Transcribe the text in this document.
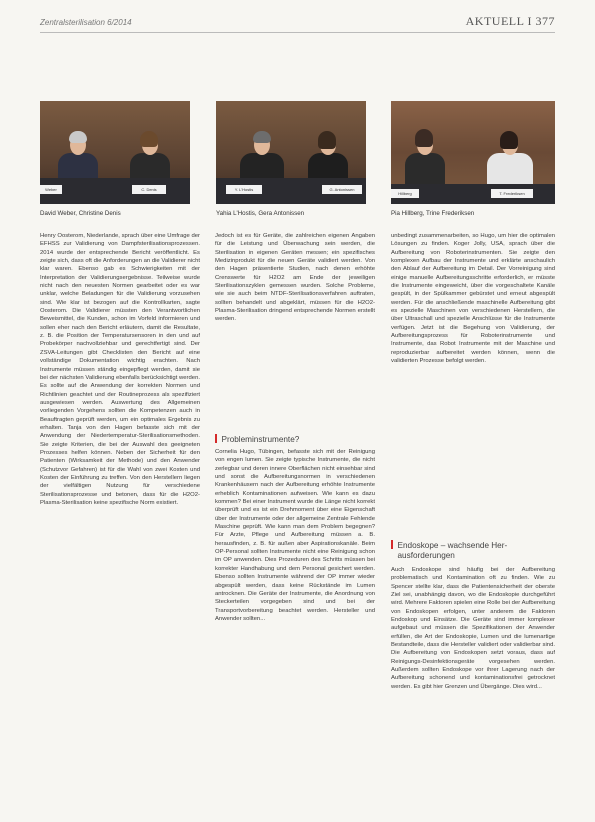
Zentralsterilisation 6/2014	AKTUELL I 377
Weber	C. Denis	Y. L'Hostis	G. Antonissen
Hillberg	T. Frederiksen
David Weber, Christine Denis	Yahia L'Hostis, Gera Antonissen	Pia Hillberg, Trine Frederiksen

Henry Oosterom, Niederlande, sprach über eine Umfrage der EFHSS zur Validierung von Dampfsterilisationsprozessen. 2014 wurde der entsprechende Bericht veröffentlicht. Es zeigte sich, dass oft die Anforderungen an die Validierer nicht klar waren. Ebenso gab es Schwierigkeiten mit der Interpretation der Validierungsergebnisse. Teilweise wurde nicht nach den neuesten Normen gearbeitet oder es war unklar, welche Beladungen für die Validierung vorzusehen sind. Wie klar ist bezogen auf die Kontrollkarten, sagte Oosterom. Die Validierer müssten den Verantwortlichen Beweismittel, die Kunden, schon im Vorfeld informieren und sollen eher nach den Bericht erläutern, damit die Resultate, z. B. die Position der Temperatursensoren in den und auf Probekörper nachvollziehbar und gerechtfertigt sind. Der ZSVA-Leitungen gibt Checklisten den Bericht auf eine vollständige Dokumentation wichtig erachten. Nach Instrumente müssen ständig eingepflegt werden, damit sie bei der nächsten Validierung ebenfalls berücksichtigt werden. Es sollte auf die Anwendung der korrekten Normen und Richtlinien geachtet und der Routineprozess als spezifiziert ausgewiesen werden. Auswertung des Allgemeinen vorliegenden Vorgehens sollten die Kompetenzen auch in Beauftragten geprüft werden, um ein optimales Ergebnis zu erhalten. Tanja von den Hagen befasste sich mit der Anwendung der Niedertemperatur-Sterilisationsmethoden. Sie zeigte Kriterien, die bei der Auswahl des geeigneten Prozesses helfen können. Neben der Sicherheit für den Patienten (Wirksamkeit der Methode) und den Anwender (Schutzvor Gefahren) ist für die Wahl von zwei Kosten und Kosten der Einführung zu treffen. Von den Herstellern liegen der vielfältigen Nutzung für verschiedene Sterilisationsprozesse und betonen, dass für die H2O2-Plasma-Sterilisation keine spezifische Norm existiert.

Jedoch ist es für Geräte, die zahlreichen eigenen Angaben für die Leistung und Überwachung sein werden, die Sterilisation in eigenen Geräten messen; ein spezifisches Medizinprodukt für die neuen Geräte validiert werden. Von den Hagen präsentierte Studien, nach denen erhöhte Crenswerte für H2O2 am Ende der jeweiligen Sterilisationszyklen gemessen wurden. Solche Probleme, wie sie auch beim NTDF-Sterilisationsverfahren auftraten, sollten behandelt und abgeklärt, müssen für die H2O2-Plasma-Sterilisation dringend entsprechende Normen erstellt werden.

Probleminstrumente?

Cornelia Hugo, Tübingen, befasste sich mit der Reinigung von engen lumen. Sie zeigte typische Instrumente, die nicht zerlegbar und deren innere Oberflächen nicht einsehbar sind und sonst die Aufbereitungsnormen in verschiedenen Krankenhäusern nach der Aufbereitung erhöhte Instrumente erheblich Kontaminationen aufweisen. Wie kann es dazu kommen? Bei einer Instrument wurde die Länge nicht korrekt überprüft und es ist ein Drehmoment über eine Eigenschaft über der Instrumente oder der allgemeine Zentrale Fehlende Maschine geprüft. Wie kann man dem Problem begegnen? Für Arzte, Pflege und Aufbereitung müssen a. B. herausfinden, z. B. für außen aber Aspirationskanäle. Beim OP-Personal sollten Instrumente nicht eine Reinigung schon im OP anwenden. Dies Prozeduren des Schritts müssen bei korrekter Handhabung und dem Personal gesichert werden. Ebenso sollten Instrumente während der OP immer wieder abgespült werden, dass keine Rückstände im Lumen antrocknen. Die Geräte der Instrumente, die Anordnung von Steckerteilen vorgegeben sind und bei der Transportvorbereitung beachtet werden. Hersteller und Anwender sollten...

unbedingt zusammenarbeiten, so Hugo, um hier die optimalen Lösungen zu finden. Koger Jolly, USA, sprach über die Aufbereitung von Roboterinstrumenten. Sie zeigte den komplexen Aufbau der Instrumente und erklärte anschaulich den Ablauf der Aufbereitung im Detail. Der Vorreinigung sind einige manuelle Aufbereitungsschritte erforderlich, er müsste die Instrumente eingeweicht, über die vorgeschaltete Kanäle gespült, in der Spülkammer gebürstet und erneut abgespült werden. Für die anschließende maschinelle Aufbereitung gibt es spezielle Maschinen von verschiedenen Herstellern, die über Ultraschall und spezielle Anschlüsse für die Instrumente verfügen. Jetzt ist die Begehung von Validierung, der Aufbereitungsprozess für Roboterinstrumente und Instrumente, das Robot Instrumente mit der Maschine und reproduzierbar aufbereitet werden können, wenn die validierten Prozesse befolgt werden.

Endoskope – wachsende Her-
ausforderungen

Auch Endoskope sind häufig bei der Aufbereitung problematisch und Kontamination oft zu finden. Wie zu Spencer stellte klar, dass die Patientensicherheit der oberste Ziel sei, unabhängig davon, wo die Endoskopie durchgeführt wird. Mehrere Faktoren spielen eine Rolle bei der Aufbereitung von Endoskopen erfolgen, unter anderem die Faktoren Endoskop und Einsätze. Die Geräte sind immer komplexer aufgebaut und müssen die Spezifikationen der Anwender erfüllen, die Art der Endoskopie, Lumen und die lumenartige Bestandteile, dass die Hersteller validiert oder validierbar sind. Die Aufbereitung von Endoskopen setzt voraus, dass auf Reinigungs-Desinfektionsgeräte vorgesehen werden. Außerdem sollten Endoskope vor ihrer Lagerung nach der Aufbereitung schonend und kontaminationsfrei getrocknet werden. Es gibt hier Grenzen und Übergänge. Dies wird...
